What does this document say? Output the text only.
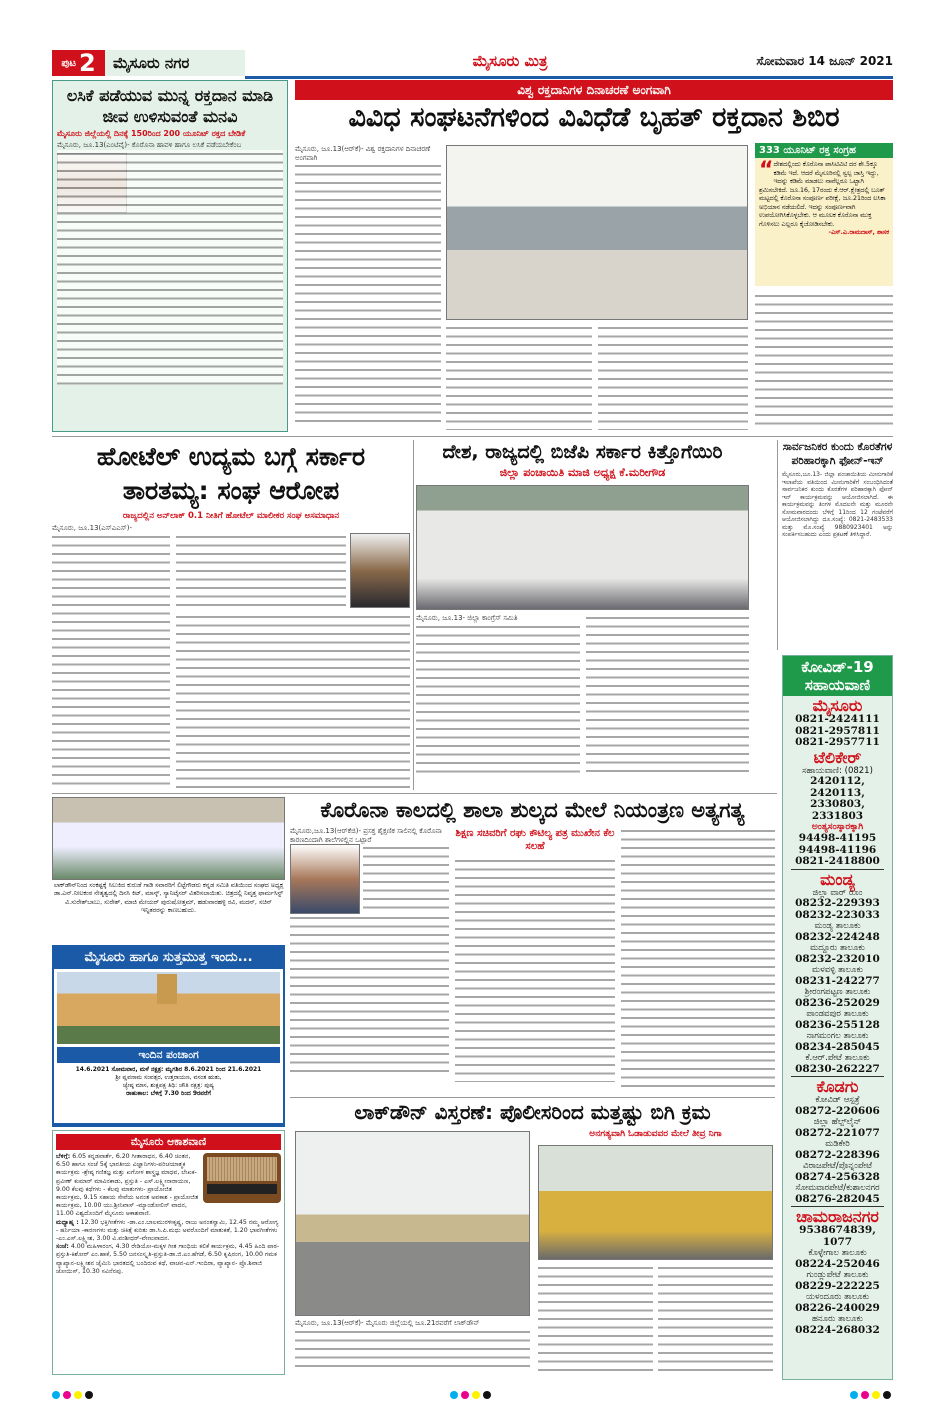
ಪುಟ 2	ಮೈಸೂರು ನಗರ	ಮೈಸೂರು ಮಿತ್ರ	ಸೋಮವಾರ 14 ಜೂನ್ 2021
ಲಸಿಕೆ ಪಡೆಯುವ ಮುನ್ನ ರಕ್ತದಾನ ಮಾಡಿ ಜೀವ ಉಳಿಸುವಂತೆ ಮನವಿ
ಮೈಸೂರು ಜಿಲ್ಲೆಯಲ್ಲಿ ದಿನಕ್ಕೆ 150ರಿಂದ 200 ಯೂನಿಟ್ ರಕ್ತದ ಬೇಡಿಕೆ
ಮೈಸೂರು, ಜೂ.13(ಎಂಟಿವೈ)- ಕೊರೊನಾ ಹಾವಳಿ ಹಾಗೂ ಲಸಿಕೆ ಪಡೆಯಬೇಕೆಂಬ
ವಿಶ್ವ ರಕ್ತದಾನಿಗಳ ದಿನಾಚರಣೆ ಅಂಗವಾಗಿ
ವಿವಿಧ ಸಂಘಟನೆಗಳಿಂದ ವಿವಿಧೆಡೆ ಬೃಹತ್ ರಕ್ತದಾನ ಶಿಬಿರ
ಮೈಸೂರು, ಜೂ.13(ಆರ್‌ಕೆ)- ವಿಶ್ವ ರಕ್ತದಾನಿಗಳ ದಿನಾಚರಣೆ ಅಂಗವಾಗಿ
333 ಯೂನಿಟ್ ರಕ್ತ ಸಂಗ್ರಹ
“ ದೇಶದಲ್ಲಿಂದು ಕೊರೊನಾ ಪಾಸಿಟಿವಿಟಿ ದರ ಶೇ.5ಕ್ಕೂ ಕಡಿಮೆ ಇದೆ. ಆದರೆ ಮೈಸೂರಿನಲ್ಲಿ ಸ್ವಲ್ಪ ಜಾಸ್ತಿ ಇದ್ದು, ಇದನ್ನು ಕಡಿಮೆ ಮಾಡಲು ನಾವೆಲ್ಲರೂ ಒಟ್ಟಾಗಿ ಶ್ರಮಿಸಬೇಕಿದೆ. ಜೂ.16, 17ರಂದು ಕೆ.ಆರ್.ಕ್ಷೇತ್ರದಲ್ಲಿ ಬೂತ್ ಮಟ್ಟದಲ್ಲಿ ಕೊರೊನಾ ಸಂಪೂರ್ಣ ಪರೀಕ್ಷೆ, ಜೂ.21ರಿಂದ ಲಸಿಕಾ ಅಭಿಯಾನ ನಡೆಯಲಿದೆ. ಇದನ್ನು ಸಂಪೂರ್ಣವಾಗಿ ಉಪಯೋಗಿಸಿಕೊಳ್ಳಬೇಕು. ಆ ಮೂಲಕ ಕೊರೊನಾ ಮುಕ್ತ ಗೊಳಿಸಲು ಎಲ್ಲರೂ ಕೈಜೋಡಿಸಬೇಕು.
-ಎಸ್.ಎ.ರಾಮದಾಸ್, ಶಾಸಕ
ಹೋಟೆಲ್ ಉದ್ಯಮ ಬಗ್ಗೆ ಸರ್ಕಾರ ತಾರತಮ್ಯ: ಸಂಘ ಆರೋಪ
ರಾಜ್ಯದಲ್ಲಿನ ಅನ್‌ಲಾಕ್ 0.1 ನೀತಿಗೆ ಹೋಟೆಲ್ ಮಾಲೀಕರ ಸಂಘ ಅಸಮಾಧಾನ
ಮೈಸೂರು, ಜೂ.13(ಎಸ್‌ಎಎಸ್)-
ದೇಶ, ರಾಜ್ಯದಲ್ಲಿ ಬಿಜೆಪಿ ಸರ್ಕಾರ ಕಿತ್ತೊಗೆಯಿರಿ
ಜಿಲ್ಲಾ ಪಂಚಾಯಿತಿ ಮಾಜಿ ಅಧ್ಯಕ್ಷ ಕೆ.ಮರೀಗೌಡ
ಮೈಸೂರು, ಜೂ.13- ಜಿಲ್ಲಾ ಕಾಂಗ್ರೆಸ್ ಸಮಿತಿ
ಸಾರ್ವಜನಿಕರ ಕುಂದು ಕೊರತೆಗಳ ಪರಿಹಾರಕ್ಕಾಗಿ ಫೋನ್-ಇನ್
ಮೈಸೂರು,ಜೂ.13- ಜಿಲ್ಲಾ ಪಂಚಾಯಿತಿಯ ಮೀನುಗಾರಿಕೆ ಇಲಾಖೆಯ ವತಿಯಿಂದ ಮೀನುಗಾರಿಕೆಗೆ ಸಂಬಂಧಿಸಿದಂತೆ ಸಾರ್ವಜನಿಕರ ಕುಂದು ಕೊರತೆಗಳ ಪರಿಹಾರಕ್ಕಾಗಿ ಫೋನ್ ಇನ್ ಕಾರ್ಯಕ್ರಮವನ್ನು ಆಯೋಜಿಸಲಾಗಿದೆ. ಈ ಕಾರ್ಯಕ್ರಮವನ್ನು ತಿಂಗಳ ಮೊದಲನೇ ಮತ್ತು ಮೂರನೇ ಸೋಮವಾರದಂದು ಬೆಳಿಗ್ಗೆ 11ರಿಂದ 12 ಗಂಟೆವರೆಗೆ ಆಯೋಜಿಸಲಾಗಿದ್ದು ದೂ.ಸಂಖ್ಯೆ: 0821-2483533 ಮತ್ತು ಮೊ.ಸಂಖ್ಯೆ 9880923401 ಅನ್ನು ಸಂಪರ್ಕಿಸಬಹುದು ಎಂದು ಪ್ರಕಟಣೆ ತಿಳಿಸಿದ್ದಾರೆ.
ಕೋವಿಡ್-19 ಸಹಾಯವಾಣಿ
ಮೈಸೂರು
0821-2424111
0821-2957811
0821-2957711
ಟೆಲಿಕೇರ್
ಸಹಾಯವಾಣಿ: (0821)
2420112, 2420113, 2330803, 2331803
ಅಂತ್ಯಸಂಸ್ಕಾರಕ್ಕಾಗಿ
94498-41195
94498-41196
0821-2418800
ಮಂಡ್ಯ
ಜಿಲ್ಲಾ ವಾರ್ ರೂಂ
08232-229393
08232-223033
ಮಂಡ್ಯ ತಾಲೂಕು
08232-224248
ಮದ್ದೂರು ತಾಲೂಕು
08232-232010
ಮಳವಳ್ಳಿ ತಾಲೂಕು
08231-242277
ಶ್ರೀರಂಗಪಟ್ಟಣ ತಾಲೂಕು
08236-252029
ಪಾಂಡವಪುರ ತಾಲೂಕು
08236-255128
ನಾಗಮಂಗಲ ತಾಲೂಕು
08234-285045
ಕೆ.ಆರ್.ಪೇಟೆ ತಾಲೂಕು
08230-262227
ಕೊಡಗು
ಕೋವಿಡ್ ಆಸ್ಪತ್ರೆ
08272-220606
ಜಿಲ್ಲಾ ಹೆಲ್ಪ್‌ಲೈನ್
08272-221077
ಮಡಿಕೇರಿ
08272-228396
ವಿರಾಜಪೇಟೆ/ಪೊನ್ನಂಪೇಟೆ
08274-256328
ಸೋಮವಾರಪೇಟೆ/ಕುಶಾಲನಗರ
08276-282045
ಚಾಮರಾಜನಗರ
9538674839, 1077
ಕೊಳ್ಳೇಗಾಲ ತಾಲೂಕು
08224-252046
ಗುಂಡ್ಲುಪೇಟೆ ತಾಲೂಕು
08229-222225
ಯಳಂದೂರು ತಾಲೂಕು
08226-240029
ಹನೂರು ತಾಲೂಕು
08224-268032
ಲಾಕ್‌ಡೌನ್‌ನಿಂದ ಸಂಕಷ್ಟಕ್ಕೆ ಸಿಲುಕಿದ ಕುರುಡೆ ಗಾಡಿ ಸವಾರರಿಗೆ ಲಿಟ್ಟೆಗೌಡರು ಕನ್ನಡ ಸಮಿತಿ ವತಿಯಿಂದ ಸಂಘದ ಅಧ್ಯಕ್ಷ ಡಾ.ಎನ್.ನೀಲಕಂಠ ನೇತೃತ್ವದಲ್ಲಿ ದಿನಸಿ ಕಿಟ್, ಮಾಸ್ಕ್, ಸ್ಯಾನಿಟೈಸರ್ ವಿತರಿಸಲಾಯಿತು. ಚಿತ್ರದಲ್ಲಿ ನಿವೃತ್ತ ಫಾರ್ಮಸಿಸ್ಟ್ ವಿ.ಸುರೇಶ್‌ಬಾಬು, ಸುರೇಶ್, ಮಾಜಿ ಮೇಯರ್ ಪುರುಷೋತ್ತಮ್, ಹಡುವಾರಹಳ್ಳಿ ರವಿ, ಮದನ್, ಸಚಿನ್ ಇನ್ನಿತರರನ್ನು ಕಾಣಬಹುದು.
ಮೈಸೂರು ಹಾಗೂ ಸುತ್ತಮುತ್ತ ಇಂದು...
ಇಂದಿನ ಪಂಚಾಂಗ
14.6.2021 ಸೋಮವಾರ, ಮಳೆ ನಕ್ಷತ್ರ: ಮೃಗಶಿರ 8.6.2021 ರಿಂದ 21.6.2021
ಶ್ರೀ ಪ್ಲವನಾಮ ಸಂವತ್ಸರ, ಉತ್ತರಾಯಣ, ವಸಂತ ಋತು,
ಜ್ಯೇಷ್ಠ ಮಾಸ, ಶುಕ್ಲಪಕ್ಷ ತಿಥಿ: ಚೌತಿ ನಕ್ಷತ್ರ: ಪುಷ್ಯ
ರಾಹುಕಾಲ: ಬೆಳಿಗ್ಗೆ 7.30 ರಿಂದ 9ರವರೆಗೆ
ಮೈಸೂರು ಆಕಾಶವಾಣಿ
ಬೆಳಿಗ್ಗೆ: 6.05 ಕನ್ನಡವಾರ್ತೆ, 6.20 ಗೀತಾರಾಧನ, 6.40 ಚಿಂತನ, 6.50 ಹಾಗೂ ಸಂಜೆ 5ಕ್ಕೆ ಭಾರತೀಯ ವಿಜ್ಞಾನಿಗಳು-ಪರಿಚಯಾತ್ಮಕ ಕಾರ್ಯಕ್ರಮ -ಶ್ರೇಷ್ಠ ಗಣಿತಜ್ಞ ಮತ್ತು ಖಗೋಳ ಶಾಸ್ತ್ರಜ್ಞ ಮಾಧವ, ಲೇಖಕ- ಪ್ರವೀಣ್ ಕುಮಾರ್ ಮಾವಿನಕಾಡು, ಪ್ರಸ್ತುತಿ - ಎಸ್.ಲಕ್ಷ್ಮೀನಾರಾಯಣ, 9.00 ಕೆಲವು ಕಥೆಗಳು - ಕೆಲವು ಮಾತುಗಳು- ಪ್ರಾಯೋಜಿತ ಕಾರ್ಯಕ್ರಮ, 9.15 ಸಹಾಯ ಸೇವೆಯ ಅನಂತ ಅವಕಾಶ - ಪ್ರಾಯೋಜಿತ ಕಾರ್ಯಕ್ರಮ, 10.00 ಯು.ಶ್ರೀನಿವಾಸ್ -ಮ್ಯಾಂಡೋಲಿನ್ ವಾದನ, 11.00 ವಿಶ್ವದೊಂದಿಗೆ ಮೈಸೂರು ಆಕಾಶವಾಣಿ.
ಮಧ್ಯಾಹ್ನ : 12.30 ಭಕ್ತಿಗೀತೆಗಳು -ಡಾ.ಎಂ.ಬಾಲಮುರಳೀಕೃಷ್ಣ, ರಾಜು ಅನಂತಸ್ವಾಮಿ, 12.45 ನಮ್ಮ ಆರೋಗ್ಯ - ಹರ್ನಿಯಾ -ಕಾರಣಗಳು ಮತ್ತು ಚಿಕಿತ್ಸೆ ಕುರಿತು ಡಾ.ಸಿ.ಪಿ.ಮಧು ಅವರೊಂದಿಗೆ ಮಾತುಕತೆ, 1.20 ಭಾವಗೀತೆಗಳು -ಎಂ.ಎಸ್.ಲಕ್ಷ್ಮೀಶ, 3.00 ವಿ.ವಂಶೀಧರ್-ವೇಣುವಾದನ.
ಸಂಜೆ: 4.00 ಮಹಿಳಾರಂಗ, 4.30 ರೇಡಿಯೋ-ಮಕ್ಕಳ ಗೀತ ಗಾಂಧಿಯ ಕಲಿಕೆ ಕಾರ್ಯಕ್ರಮ, 4.45 ಹಿಂದಿ ಪಾಠ-ಪ್ರಸ್ತುತಿ-ಕಿಶೋರ್ ಎಂ.ಹಾಕೆ, 5.50 ಜನಸಂಸ್ಕೃತಿ-ಪ್ರಸ್ತುತಿ-ಡಾ.ಜಿ.ಎಂ.ಹೆಗಡೆ, 6.50 ಕೃಷಿರಂಗ, 10.00 ಗಮಕ ವ್ಯಾಖ್ಯಾನ-ಲಕ್ಷ್ಮೀಶನ ಜೈಮಿನಿ ಭಾರತದಲ್ಲಿ ಬಂದಿರುವ ಕಥೆ, ವಾಚನ-ಎನ್.ಇಂದಿರಾ, ವ್ಯಾಖ್ಯಾನ- ಪ್ರೊ.ಶಿವಾಜಿ ಜೋಯಿಸ್, 10.30 ಸವಿನೆನಪು.
ಕೊರೊನಾ ಕಾಲದಲ್ಲಿ ಶಾಲಾ ಶುಲ್ಕದ ಮೇಲೆ ನಿಯಂತ್ರಣ ಅತ್ಯಗತ್ಯ
ಮೈಸೂರು,ಜೂ.13(ಆರ್‌ಕೆಜಿ)- ಪ್ರಸಕ್ತ ಶೈಕ್ಷಣಿಕ ಸಾಲಿನಲ್ಲಿ ಕೊರೊನಾ ಕಾರಣದಿಂದಾಗಿ ಶಾಲೆಗಳಲ್ಲಿನ ಒಟ್ಟಾರೆ
ಶಿಕ್ಷಣ ಸಚಿವರಿಗೆ ರಘು ಕೌಟಿಲ್ಯ ಪತ್ರ ಮುಖೇನ ಕೆಲ ಸಲಹೆ
ಲಾಕ್‌ಡೌನ್ ವಿಸ್ತರಣೆ: ಪೊಲೀಸರಿಂದ ಮತ್ತಷ್ಟು ಬಿಗಿ ಕ್ರಮ
ಅನಗತ್ಯವಾಗಿ ಓಡಾಡುವವರ ಮೇಲೆ ತೀವ್ರ ನಿಗಾ
ಮೈಸೂರು, ಜೂ.13(ಆರ್‌ಕೆ)- ಮೈಸೂರು ಜಿಲ್ಲೆಯಲ್ಲಿ ಜೂ.21ರವರೆಗೆ ಲಾಕ್‌ಡೌನ್
